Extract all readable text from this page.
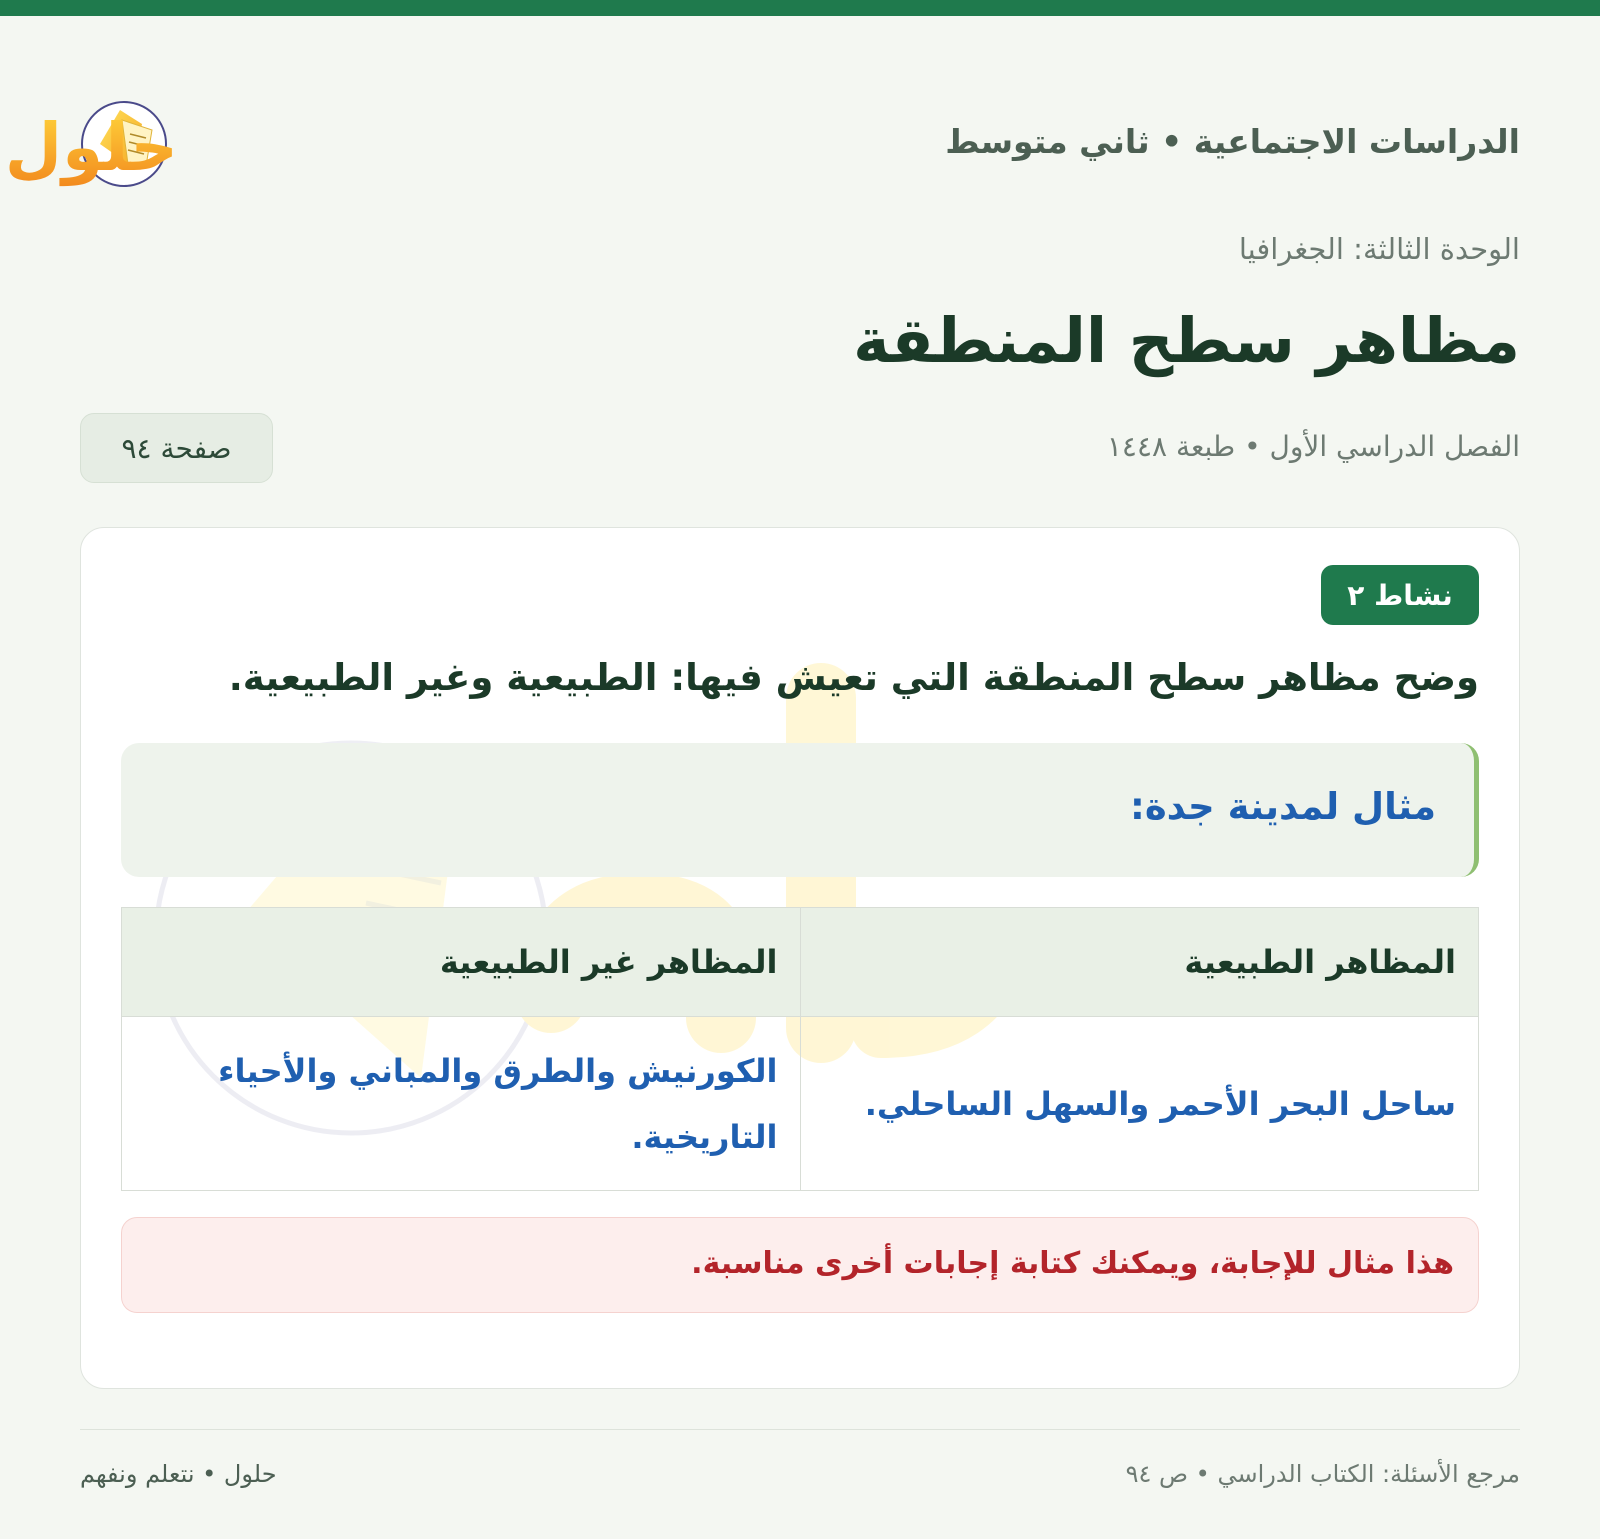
الدراسات الاجتماعية • ثاني متوسط
حلول
الوحدة الثالثة: الجغرافيا
مظاهر سطح المنطقة
الفصل الدراسي الأول • طبعة ١٤٤٨
صفحة ٩٤
نشاط ٢
وضح مظاهر سطح المنطقة التي تعيش فيها: الطبيعية وغير الطبيعية.
مثال لمدينة جدة:
المظاهر الطبيعية	المظاهر غير الطبيعية
ساحل البحر الأحمر والسهل الساحلي.	الكورنيش والطرق والمباني والأحياء التاريخية.
هذا مثال للإجابة، ويمكنك كتابة إجابات أخرى مناسبة.
مرجع الأسئلة: الكتاب الدراسي • ص ٩٤
حلول • نتعلم ونفهم
